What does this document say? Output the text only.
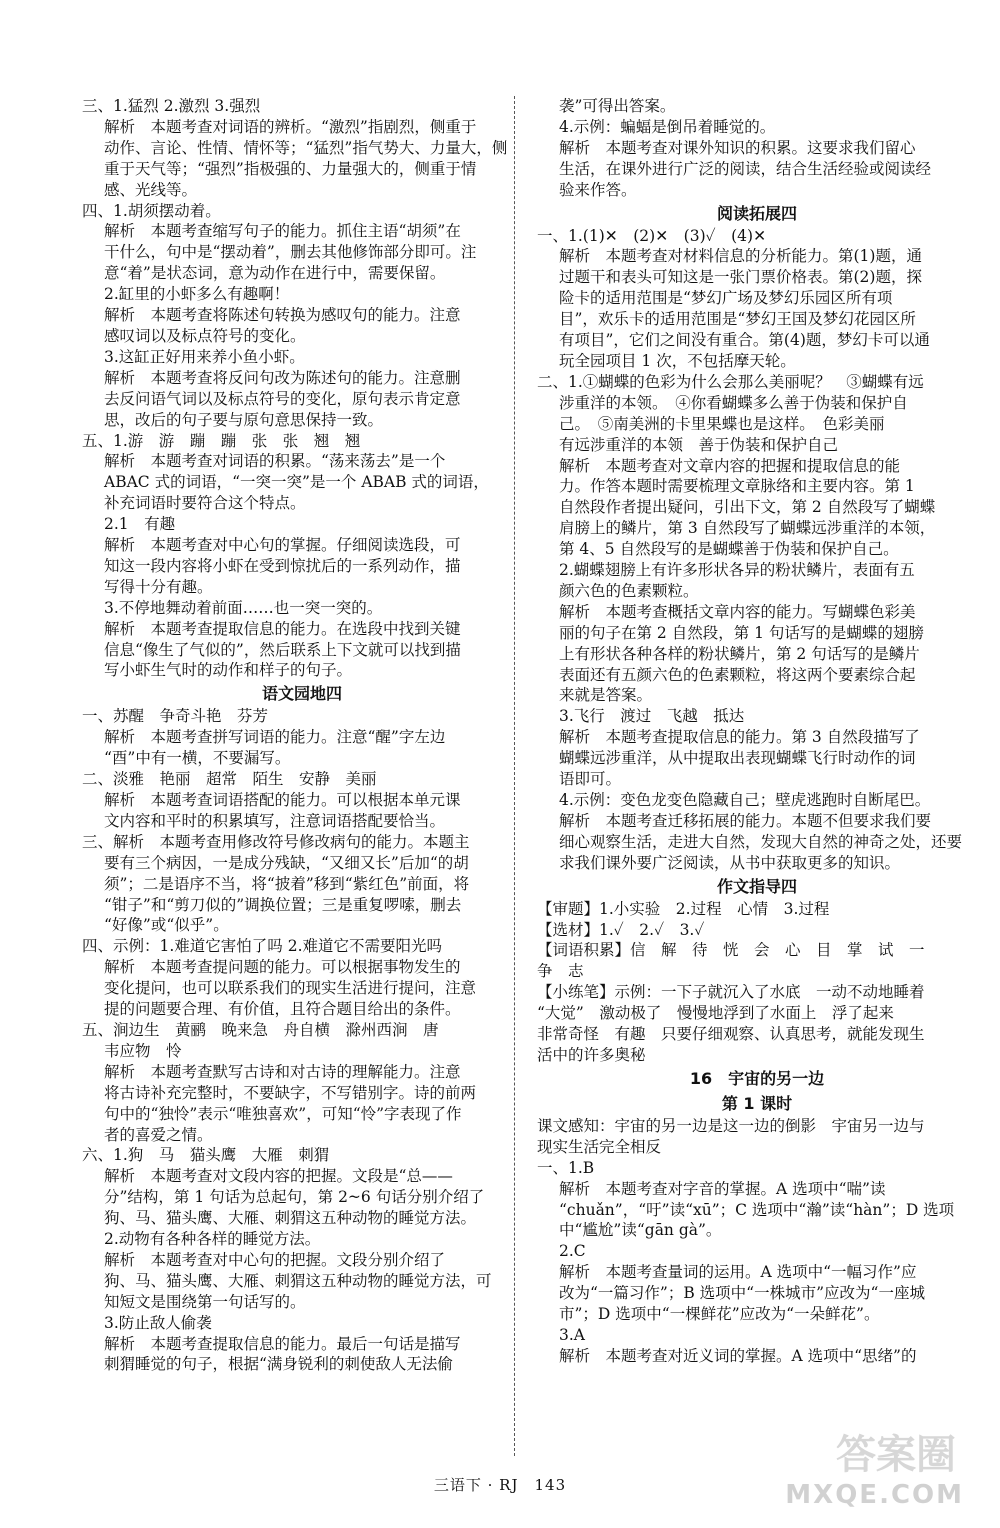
三、1.猛烈 2.激烈 3.强烈
解析　本题考查对词语的辨析。“激烈”指剧烈，侧重于
动作、言论、性情、情怀等；“猛烈”指气势大、力量大，侧
重于天气等；“强烈”指极强的、力量强大的，侧重于情
感、光线等。
四、1.胡须摆动着。
解析　本题考查缩写句子的能力。抓住主语“胡须”在
干什么，句中是“摆动着”，删去其他修饰部分即可。注
意“着”是状态词，意为动作在进行中，需要保留。
2.缸里的小虾多么有趣啊！
解析　本题考查将陈述句转换为感叹句的能力。注意
感叹词以及标点符号的变化。
3.这缸正好用来养小鱼小虾。
解析　本题考查将反问句改为陈述句的能力。注意删
去反问语气词以及标点符号的变化，原句表示肯定意
思，改后的句子要与原句意思保持一致。
五、1.游　游　蹦　蹦　张　张　翘　翘
解析　本题考查对词语的积累。“荡来荡去”是一个
ABAC 式的词语，“一突一突”是一个 ABAB 式的词语，
补充词语时要符合这个特点。
2.1　有趣
解析　本题考查对中心句的掌握。仔细阅读选段，可
知这一段内容将小虾在受到惊扰后的一系列动作，描
写得十分有趣。
3.不停地舞动着前面……也一突一突的。
解析　本题考查提取信息的能力。在选段中找到关键
信息“像生了气似的”，然后联系上下文就可以找到描
写小虾生气时的动作和样子的句子。
语文园地四
一、苏醒　争奇斗艳　芬芳
解析　本题考查拼写词语的能力。注意“醒”字左边
“酉”中有一横，不要漏写。
二、淡雅　艳丽　超常　陌生　安静　美丽
解析　本题考查词语搭配的能力。可以根据本单元课
文内容和平时的积累填写，注意词语搭配要恰当。
三、解析　本题考查用修改符号修改病句的能力。本题主
要有三个病因，一是成分残缺，“又细又长”后加“的胡
须”；二是语序不当，将“披着”移到“紫红色”前面，将
“钳子”和“剪刀似的”调换位置；三是重复啰嗦，删去
“好像”或“似乎”。
四、示例：1.难道它害怕了吗 2.难道它不需要阳光吗
解析　本题考查提问题的能力。可以根据事物发生的
变化提问，也可以联系我们的现实生活进行提问，注意
提的问题要合理、有价值，且符合题目给出的条件。
五、涧边生　黄鹂　晚来急　舟自横　滁州西涧　唐
韦应物　怜
解析　本题考查默写古诗和对古诗的理解能力。注意
将古诗补充完整时，不要缺字，不写错别字。诗的前两
句中的“独怜”表示“唯独喜欢”，可知“怜”字表现了作
者的喜爱之情。
六、1.狗　马　猫头鹰　大雁　刺猬
解析　本题考查对文段内容的把握。文段是“总——
分”结构，第 1 句话为总起句，第 2~6 句话分别介绍了
狗、马、猫头鹰、大雁、刺猬这五种动物的睡觉方法。
2.动物有各种各样的睡觉方法。
解析　本题考查对中心句的把握。文段分别介绍了
狗、马、猫头鹰、大雁、刺猬这五种动物的睡觉方法，可
知短文是围绕第一句话写的。
3.防止敌人偷袭
解析　本题考查提取信息的能力。最后一句话是描写
刺猬睡觉的句子，根据“满身锐利的刺使敌人无法偷
袭”可得出答案。
4.示例：蝙蝠是倒吊着睡觉的。
解析　本题考查对课外知识的积累。这要求我们留心
生活，在课外进行广泛的阅读，结合生活经验或阅读经
验来作答。
阅读拓展四
一、1.(1)✕　(2)✕　(3)✓　(4)✕
解析　本题考查对材料信息的分析能力。第(1)题，通
过题干和表头可知这是一张门票价格表。第(2)题，探
险卡的适用范围是“梦幻广场及梦幻乐园区所有项
目”，欢乐卡的适用范围是“梦幻王国及梦幻花园区所
有项目”，它们之间没有重合。第(4)题，梦幻卡可以通
玩全园项目 1 次，不包括摩天轮。
二、1.①蝴蝶的色彩为什么会那么美丽呢？　③蝴蝶有远
涉重洋的本领。　④你看蝴蝶多么善于伪装和保护自
己。　⑤南美洲的卡里果蝶也是这样。　色彩美丽
有远涉重洋的本领　善于伪装和保护自己
解析　本题考查对文章内容的把握和提取信息的能
力。作答本题时需要梳理文章脉络和主要内容。第 1
自然段作者提出疑问，引出下文，第 2 自然段写了蝴蝶
肩膀上的鳞片，第 3 自然段写了蝴蝶远涉重洋的本领，
第 4、5 自然段写的是蝴蝶善于伪装和保护自己。
2.蝴蝶翅膀上有许多形状各异的粉状鳞片，表面有五
颜六色的色素颗粒。
解析　本题考查概括文章内容的能力。写蝴蝶色彩美
丽的句子在第 2 自然段，第 1 句话写的是蝴蝶的翅膀
上有形状各种各样的粉状鳞片，第 2 句话写的是鳞片
表面还有五颜六色的色素颗粒，将这两个要素综合起
来就是答案。
3.飞行　渡过　飞越　抵达
解析　本题考查提取信息的能力。第 3 自然段描写了
蝴蝶远涉重洋，从中提取出表现蝴蝶飞行时动作的词
语即可。
4.示例：变色龙变色隐藏自己；壁虎逃跑时自断尾巴。
解析　本题考查迁移拓展的能力。本题不但要求我们要
细心观察生活，走进大自然，发现大自然的神奇之处，还要
求我们课外要广泛阅读，从书中获取更多的知识。
作文指导四
【审题】1.小实验　2.过程　心情　3.过程
【选材】1.✓　2.✓　3.✓
【词语积累】信　解　待　恍　会　心　目　掌　试　一
争　志
【小练笔】示例：一下子就沉入了水底　一动不动地睡着
“大觉”　激动极了　慢慢地浮到了水面上　浮了起来
非常奇怪　有趣　只要仔细观察、认真思考，就能发现生
活中的许多奥秘
16　宇宙的另一边
第 1 课时
课文感知：宇宙的另一边是这一边的倒影　宇宙另一边与
现实生活完全相反
一、1.B
解析　本题考查对字音的掌握。A 选项中“喘”读
“chuǎn”，“吁”读“xū”；C 选项中“瀚”读“hàn”；D 选项
中“尴尬”读“gān gà”。
2.C
解析　本题考查量词的运用。A 选项中“一幅习作”应
改为“一篇习作”；B 选项中“一株城市”应改为“一座城
市”；D 选项中“一棵鲜花”应改为“一朵鲜花”。
3.A
解析　本题考查对近义词的掌握。A 选项中“思绪”的
三语下 · RJ　143
答案圈
MXQE.COM
